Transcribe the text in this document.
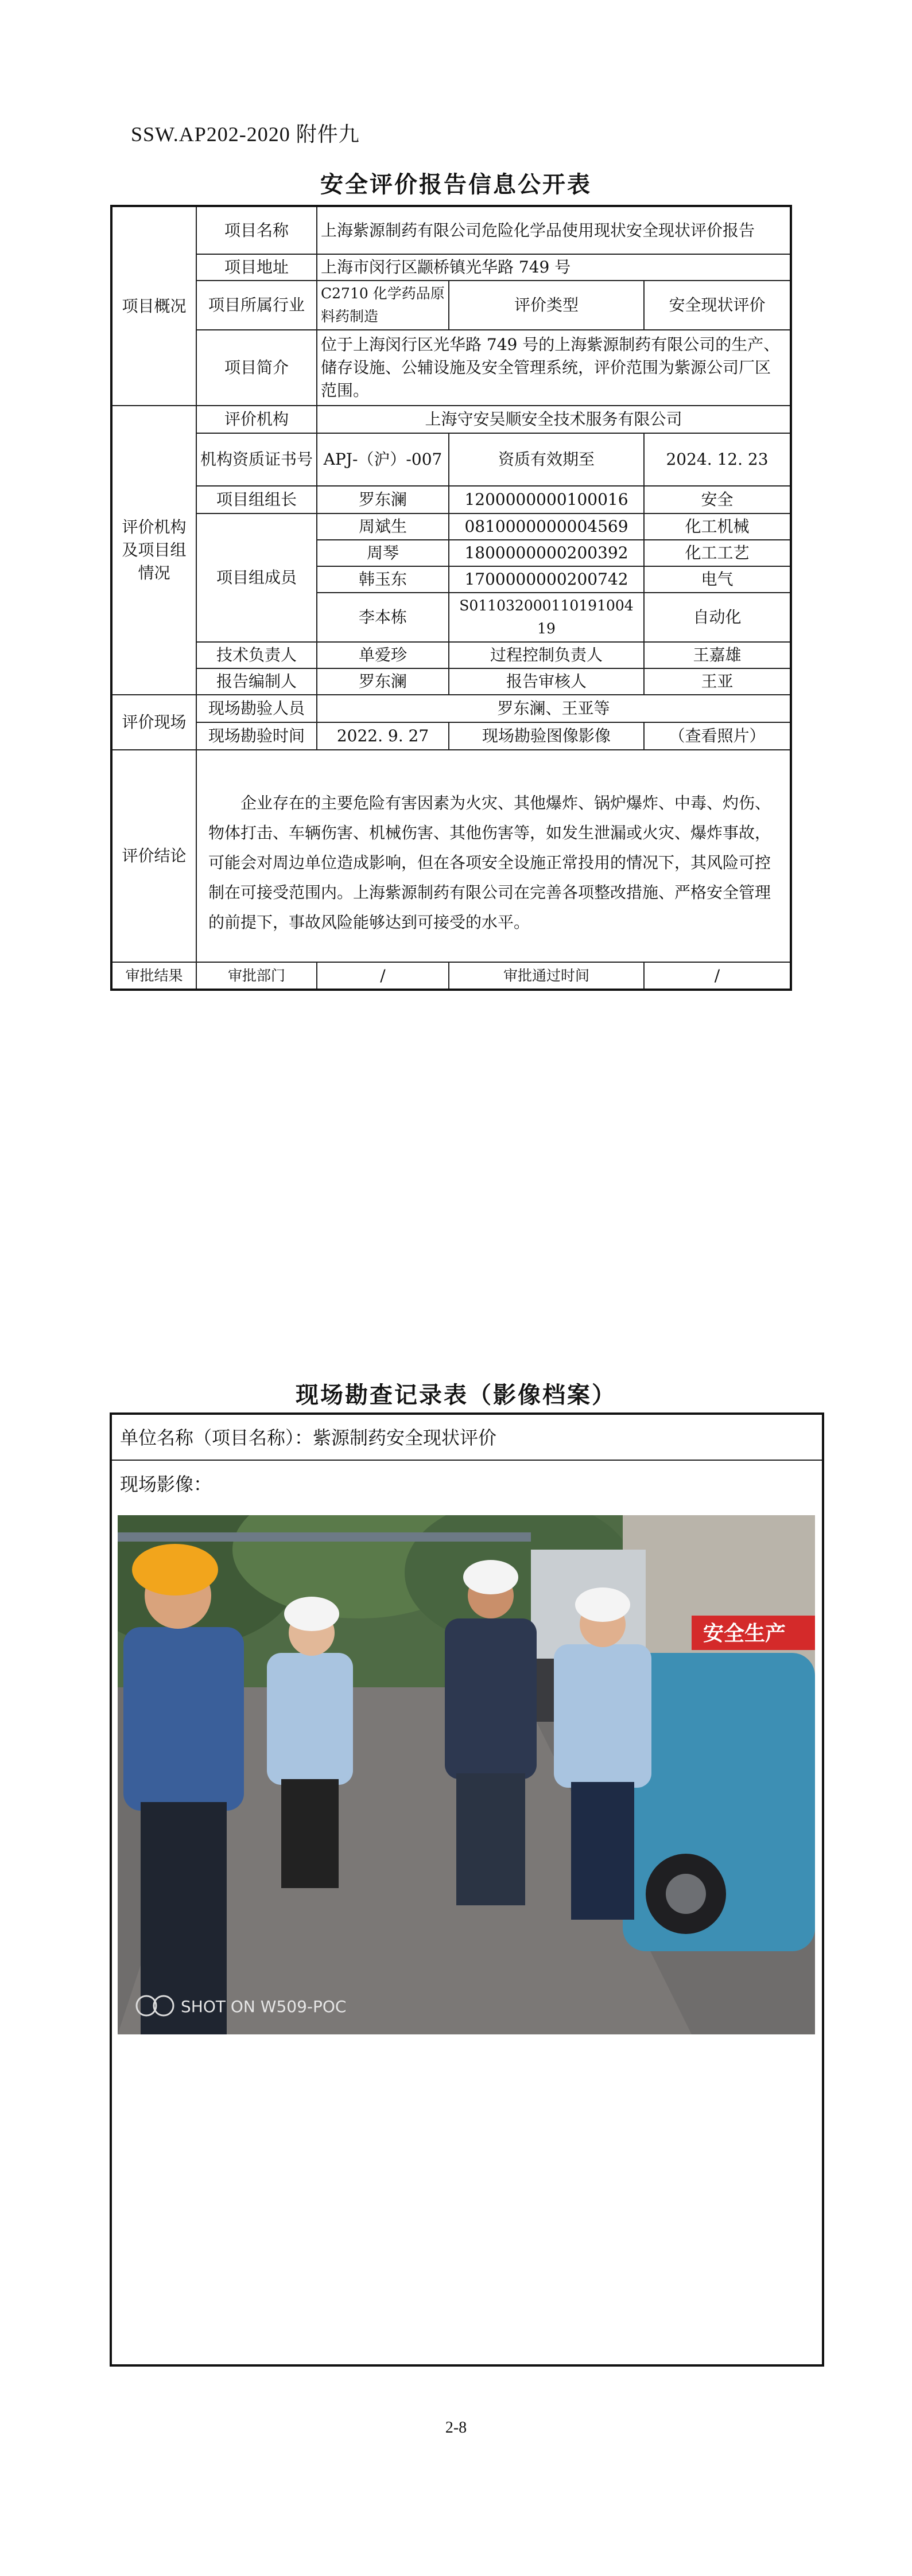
SSW.AP202-2020 附件九
安全评价报告信息公开表
项目概况	项目名称	上海紫源制药有限公司危险化学品使用现状安全现状评价报告		
	项目地址	上海市闵行区颛桥镇光华路 749 号		
	项目所属行业	C2710 化学药品原料药制造	评价类型	安全现状评价
	项目简介	位于上海闵行区光华路 749 号的上海紫源制药有限公司的生产、储存设施、公辅设施及安全管理系统，评价范围为紫源公司厂区范围。		
评价机构及项目组情况	评价机构	上海守安吴顺安全技术服务有限公司		
	机构资质证书号	APJ-（沪）-007	资质有效期至	2024. 12. 23
	项目组组长	罗东澜	1200000000100016	安全
	项目组成员	周斌生	0810000000004569	化工机械
		周琴	1800000000200392	化工工艺
		韩玉东	1700000000200742	电气
		李本栋	S011032000110191004​19	自动化
	技术负责人	单爱珍	过程控制负责人	王嘉雄
	报告编制人	罗东澜	报告审核人	王亚
评价现场	现场勘验人员	罗东澜、王亚等		
	现场勘验时间	2022. 9. 27	现场勘验图像影像	（查看照片）
评价结论	企业存在的主要危险有害因素为火灾、其他爆炸、锅炉爆炸、中毒、灼伤、物体打击、车辆伤害、机械伤害、其他伤害等，如发生泄漏或火灾、爆炸事故，可能会对周边单位造成影响，但在各项安全设施正常投用的情况下，其风险可控制在可接受范围内。上海紫源制药有限公司在完善各项整改措施、严格安全管理的前提下，事故风险能够达到可接受的水平。			
审批结果	审批部门	/	审批通过时间	/
现场勘查记录表（影像档案）
单位名称（项目名称）：紫源制药安全现状评价
现场影像：
安全生产
SHOT ON W509-POC
2-8
